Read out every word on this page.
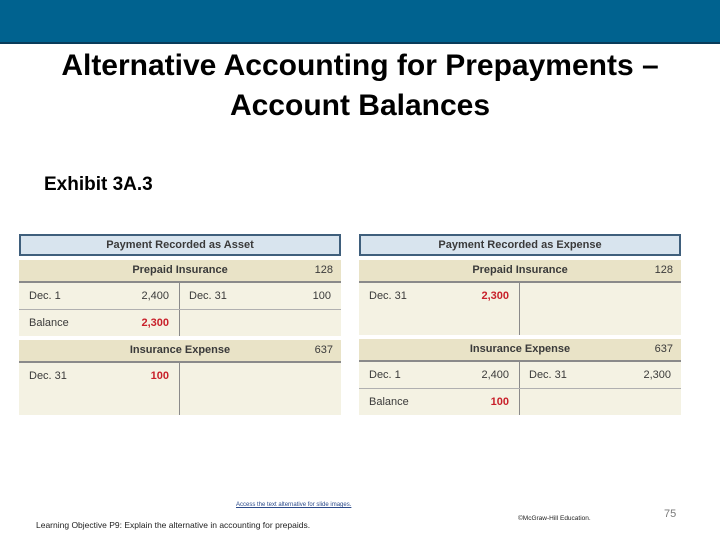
Alternative Accounting for Prepayments – Account Balances
Exhibit 3A.3
Payment Recorded as Asset
Prepaid Insurance	128
Dec. 1	2,400 Dec. 31	100
Balance	2,300
Insurance Expense	637
Dec. 31	100
Payment Recorded as Expense
Prepaid Insurance	128
Dec. 31	2,300
Insurance Expense	637
Dec. 1	2,400 Dec. 31	2,300
Balance	100
Access the text alternative for slide images.
Learning Objective P9: Explain the alternative in accounting for prepaids.
©McGraw-Hill Education.	75
